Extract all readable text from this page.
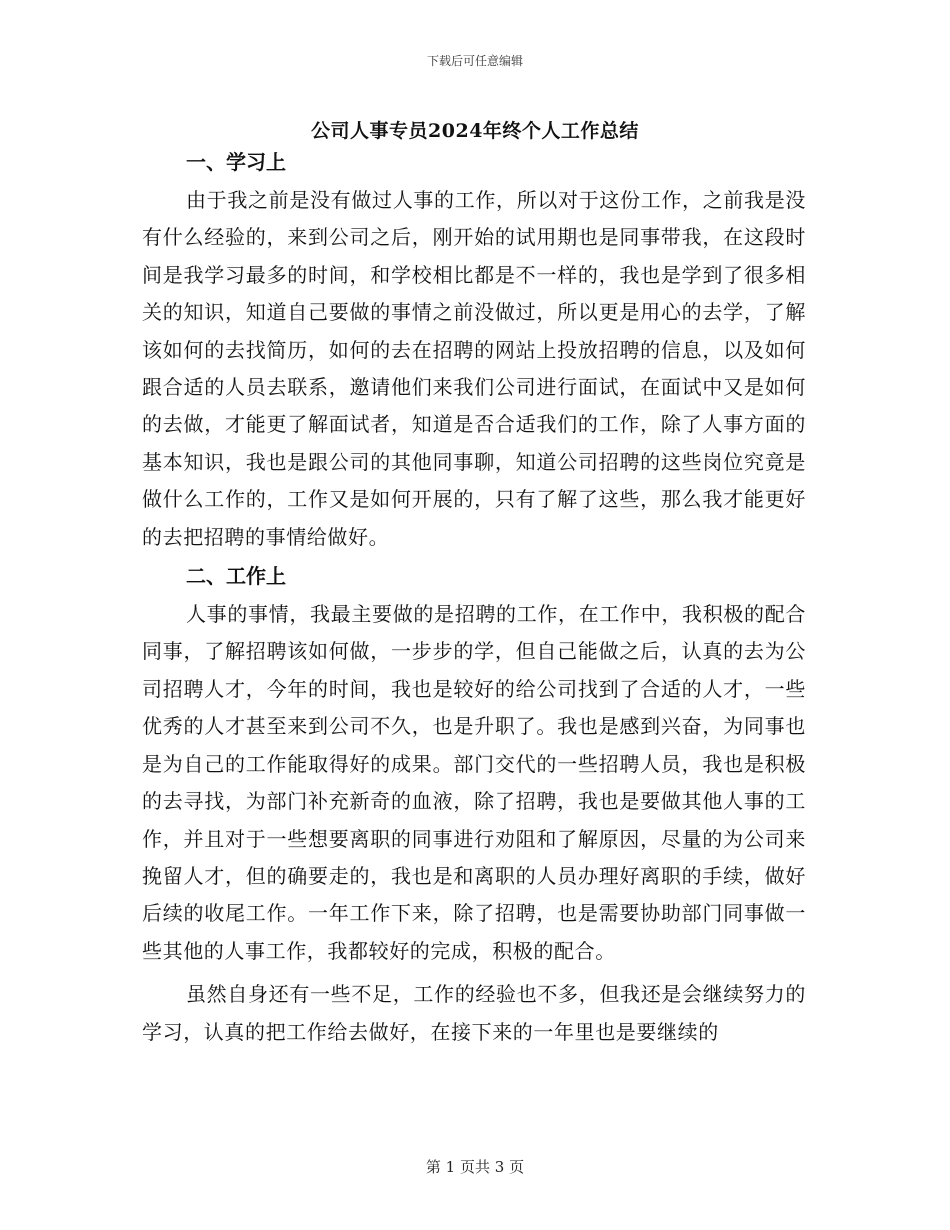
下载后可任意编辑
公司人事专员2024年终个人工作总结
一、学习上

由于我之前是没有做过人事的工作，所以对于这份工作，之前我是没有什么经验的，来到公司之后，刚开始的试用期也是同事带我，在这段时间是我学习最多的时间，和学校相比都是不一样的，我也是学到了很多相关的知识，知道自己要做的事情之前没做过，所以更是用心的去学，了解该如何的去找简历，如何的去在招聘的网站上投放招聘的信息，以及如何跟合适的人员去联系，邀请他们来我们公司进行面试，在面试中又是如何的去做，才能更了解面试者，知道是否合适我们的工作，除了人事方面的基本知识，我也是跟公司的其他同事聊，知道公司招聘的这些岗位究竟是做什么工作的，工作又是如何开展的，只有了解了这些，那么我才能更好的去把招聘的事情给做好。

二、工作上

人事的事情，我最主要做的是招聘的工作，在工作中，我积极的配合同事，了解招聘该如何做，一步步的学，但自己能做之后，认真的去为公司招聘人才，今年的时间，我也是较好的给公司找到了合适的人才，一些优秀的人才甚至来到公司不久，也是升职了。我也是感到兴奋，为同事也是为自己的工作能取得好的成果。部门交代的一些招聘人员，我也是积极的去寻找，为部门补充新奇的血液，除了招聘，我也是要做其他人事的工作，并且对于一些想要离职的同事进行劝阻和了解原因，尽量的为公司来挽留人才，但的确要走的，我也是和离职的人员办理好离职的手续，做好后续的收尾工作。一年工作下来，除了招聘，也是需要协助部门同事做一些其他的人事工作，我都较好的完成，积极的配合。

虽然自身还有一些不足，工作的经验也不多，但我还是会继续努力的学习，认真的把工作给去做好，在接下来的一年里也是要继续的

第 1 页共 3 页
